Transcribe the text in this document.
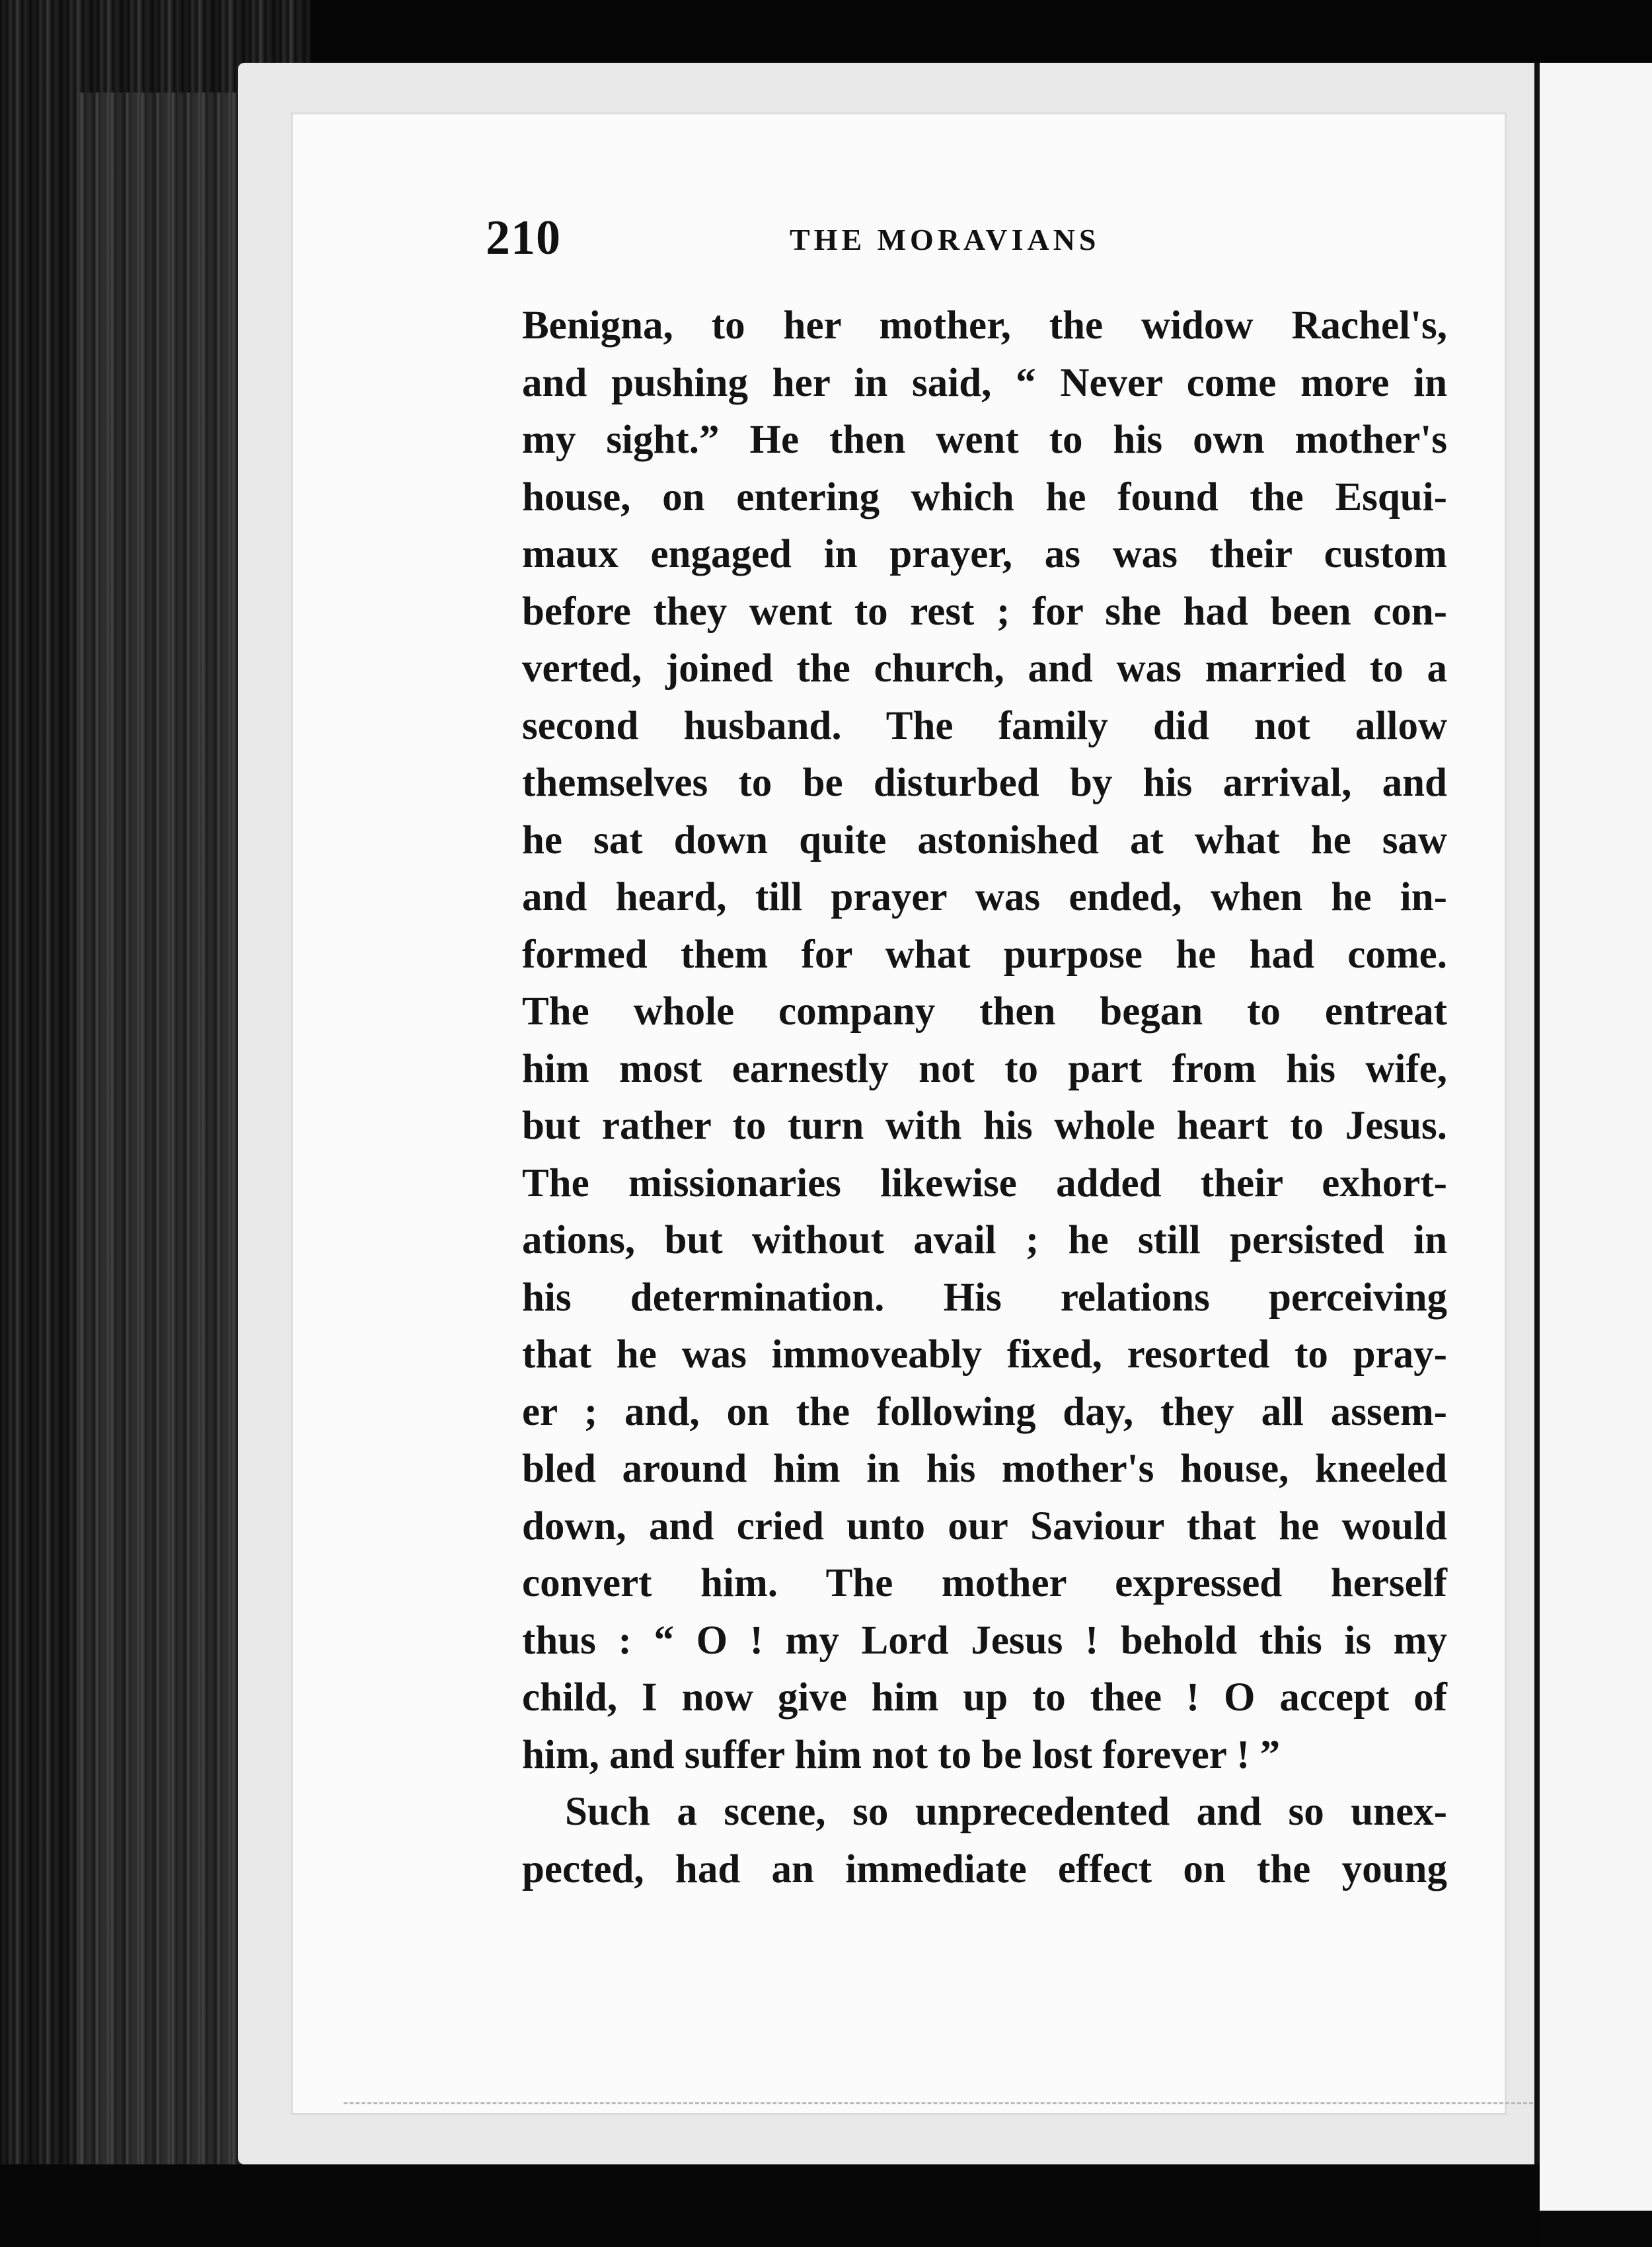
210	THE MORAVIANS
Benigna, to her mother, the widow Rachel's,
and pushing her in said, “ Never come more in
my sight.” He then went to his own mother's
house, on entering which he found the Esqui-
maux engaged in prayer, as was their custom
before they went to rest ; for she had been con-
verted, joined the church, and was married to a
second husband. The family did not allow
themselves to be disturbed by his arrival, and
he sat down quite astonished at what he saw
and heard, till prayer was ended, when he in-
formed them for what purpose he had come.
The whole company then began to entreat
him most earnestly not to part from his wife,
but rather to turn with his whole heart to Jesus.
The missionaries likewise added their exhort-
ations, but without avail ; he still persisted in
his determination. His relations perceiving
that he was immoveably fixed, resorted to pray-
er ; and, on the following day, they all assem-
bled around him in his mother's house, kneeled
down, and cried unto our Saviour that he would
convert him. The mother expressed herself
thus : “ O ! my Lord Jesus ! behold this is my
child, I now give him up to thee ! O accept of
him, and suffer him not to be lost forever ! ”
Such a scene, so unprecedented and so unex-
pected, had an immediate effect on the young
